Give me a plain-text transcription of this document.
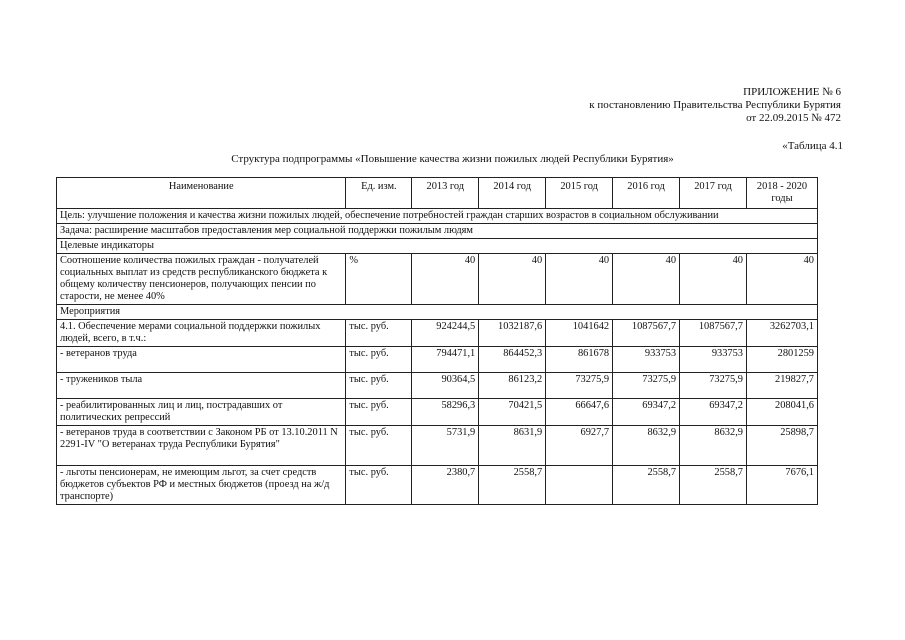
ПРИЛОЖЕНИЕ № 6
к постановлению Правительства Республики Бурятия
от 22.09.2015 № 472
«Таблица 4.1
Структура подпрограммы «Повышение качества жизни пожилых людей Республики Бурятия»
Наименование	Ед. изм.	2013 год	2014 год	2015 год	2016 год	2017 год	2018 - 2020 годы
Цель: улучшение положения и качества жизни пожилых людей, обеспечение потребностей граждан старших возрастов в социальном обслуживании							
Задача: расширение масштабов предоставления мер социальной поддержки пожилым людям							
Целевые индикаторы							
Соотношение количества пожилых граждан - получателей социальных выплат из средств республиканского бюджета к общему количеству пенсионеров, получающих пенсии по старости, не менее 40%	%	40	40	40	40	40	40
Мероприятия							
4.1. Обеспечение мерами социальной поддержки пожилых людей, всего, в т.ч.:	тыс. руб.	924244,5	1032187,6	1041642	1087567,7	1087567,7	3262703,1
- ветеранов труда	тыс. руб.	794471,1	864452,3	861678	933753	933753	2801259
- тружеников тыла	тыс. руб.	90364,5	86123,2	73275,9	73275,9	73275,9	219827,7
- реабилитированных лиц и лиц, пострадавших от политических репрессий	тыс. руб.	58296,3	70421,5	66647,6	69347,2	69347,2	208041,6
- ветеранов труда в соответствии с Законом РБ от 13.10.2011 N 2291-IV "О ветеранах труда Республики Бурятия"	тыс. руб.	5731,9	8631,9	6927,7	8632,9	8632,9	25898,7
- льготы пенсионерам, не имеющим льгот, за счет средств бюджетов субъектов РФ и местных бюджетов (проезд на ж/д транспорте)	тыс. руб.	2380,7	2558,7		2558,7	2558,7	7676,1
